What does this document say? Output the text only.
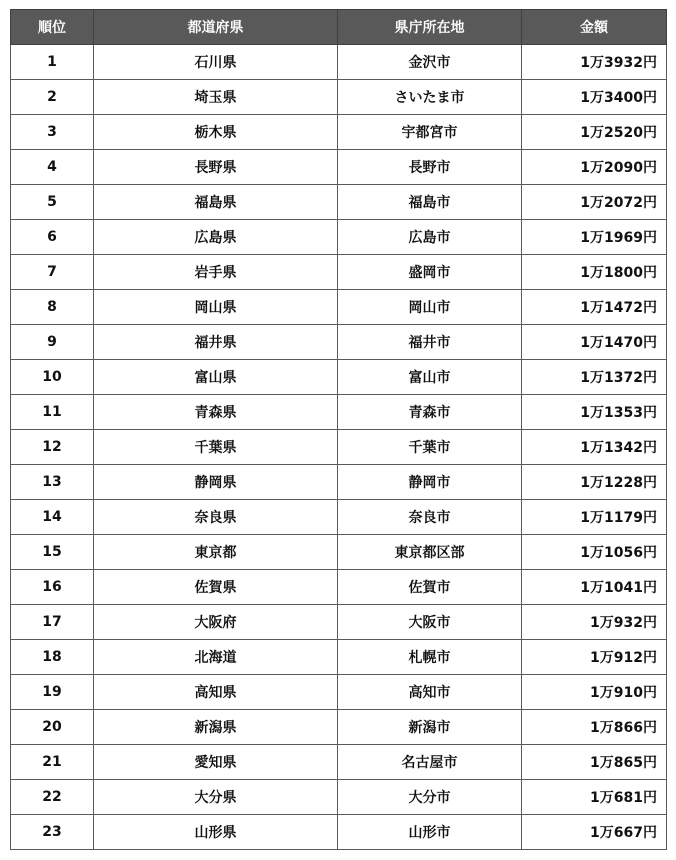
順位	都道府県	県庁所在地	金額
1	石川県	金沢市	1万3932円
2	埼玉県	さいたま市	1万3400円
3	栃木県	宇都宮市	1万2520円
4	長野県	長野市	1万2090円
5	福島県	福島市	1万2072円
6	広島県	広島市	1万1969円
7	岩手県	盛岡市	1万1800円
8	岡山県	岡山市	1万1472円
9	福井県	福井市	1万1470円
10	富山県	富山市	1万1372円
11	青森県	青森市	1万1353円
12	千葉県	千葉市	1万1342円
13	静岡県	静岡市	1万1228円
14	奈良県	奈良市	1万1179円
15	東京都	東京都区部	1万1056円
16	佐賀県	佐賀市	1万1041円
17	大阪府	大阪市	1万932円
18	北海道	札幌市	1万912円
19	高知県	高知市	1万910円
20	新潟県	新潟市	1万866円
21	愛知県	名古屋市	1万865円
22	大分県	大分市	1万681円
23	山形県	山形市	1万667円
